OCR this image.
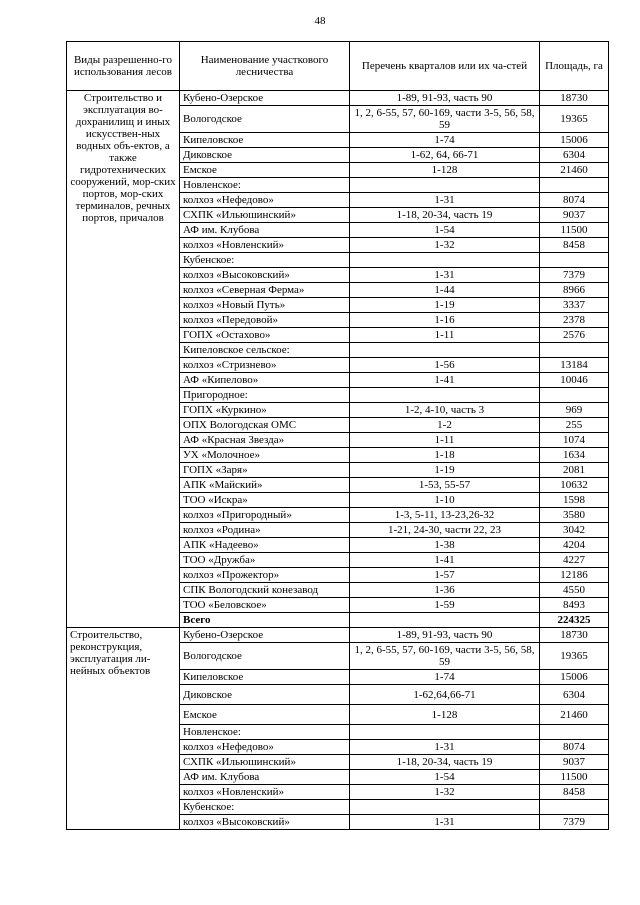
48
Виды разрешенно-го использования лесов	Наименование участкового лесничества	Перечень кварталов или их ча-стей	Площадь, га
Строительство и эксплуатация во-дохранилищ и иных искусствен-ных водных объ-ектов, а также гидротехнических сооружений, мор-ских портов, мор-ских терминалов, речных портов, причалов	Кубено-Озерское	1-89, 91-93, часть 90	18730
	Вологодское	1, 2, 6-55, 57, 60-169, части 3-5, 56, 58, 59	19365
	Кипеловское	1-74	15006
	Диковское	1-62, 64, 66-71	6304
	Емское	1-128	21460
	Новленское:		
	колхоз «Нефедово»	1-31	8074
	СХПК «Ильюшинский»	1-18, 20-34, часть 19	9037
	АФ им. Клубова	1-54	11500
	колхоз «Новленский»	1-32	8458
	Кубенское:		
	колхоз «Высоковский»	1-31	7379
	колхоз «Северная Ферма»	1-44	8966
	колхоз «Новый Путь»	1-19	3337
	колхоз «Передовой»	1-16	2378
	ГОПХ «Остахово»	1-11	2576
	Кипеловское сельское:		
	колхоз «Стризнево»	1-56	13184
	АФ «Кипелово»	1-41	10046
	Пригородное:		
	ГОПХ «Куркино»	1-2, 4-10, часть 3	969
	ОПХ Вологодская ОМС	1-2	255
	АФ «Красная Звезда»	1-11	1074
	УХ «Молочное»	1-18	1634
	ГОПХ «Заря»	1-19	2081
	АПК «Майский»	1-53, 55-57	10632
	ТОО «Искра»	1-10	1598
	колхоз «Пригородный»	1-3, 5-11, 13-23,26-32	3580
	колхоз «Родина»	1-21, 24-30, части 22, 23	3042
	АПК «Надеево»	1-38	4204
	ТОО «Дружба»	1-41	4227
	колхоз «Прожектор»	1-57	12186
	СПК Вологодский конезавод	1-36	4550
	ТОО «Беловское»	1-59	8493
	Всего		224325
Строительство, реконструкция, эксплуатация ли-нейных объектов	Кубено-Озерское	1-89, 91-93, часть 90	18730
	Вологодское	1, 2, 6-55, 57, 60-169, части 3-5, 56, 58, 59	19365
	Кипеловское	1-74	15006
	Диковское	1-62,64,66-71	6304
	Емское	1-128	21460
	Новленское:		
	колхоз «Нефедово»	1-31	8074
	СХПК «Ильюшинский»	1-18, 20-34, часть 19	9037
	АФ им. Клубова	1-54	11500
	колхоз «Новленский»	1-32	8458
	Кубенское:		
	колхоз «Высоковский»	1-31	7379
